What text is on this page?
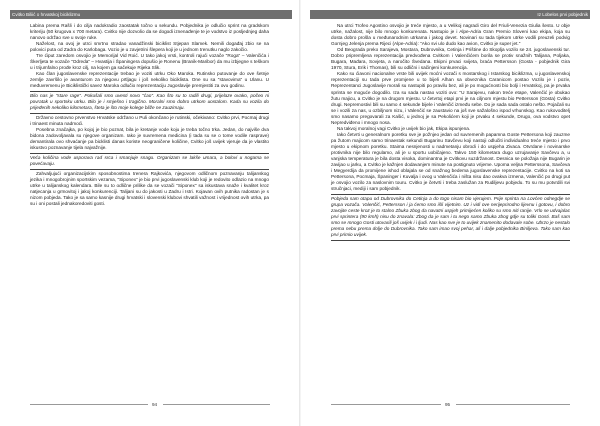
Cvitko Biliić o hrvatskoj biciklizmu

Labina prema Rašli i do cilja nadokradio zaostatak točno u sekundu. Pobjednika je odlučio sprint na gradskom kriteriju (50 krugova x 700 metara). Cvitko nije dozvolio da se dogodi iznenađenje te je vodstvo iz posljednjeg daha nanovo održao sve u svoje ruke.

Naželost, na ovoj je utrci smrtno stradao vanadžinski biciklist Stjepan Slamek. Nemili događaj zbio se na polovici puta od Zadra do Karlobaga. Vozio je u zavjetrini šlepera koji je u jednom trenutku naglo zakočio.

Tre ćiput zaredom osvojio je Memorijal Vid Roić. U tako jakoj vrsti, kontroli rajući vozače "Roga" – Valenčića i Škerljeta te vozače "Odreda" – Hvastija i Španingera dopušio je Ronenu (Branik-Maribor) da mu izbjegne s teškom u i trijumfalno prođe kroz cilj, na kojem ga sačekuje Rijeka Slik.

Kao član jugoslavenske reprezentacije trebao je voziti utrku Oko Maroka. Rutinsko putovanje do ove šetnje zemlje završilo je avanturom za njegovu prtljagu i još nekoliko biciklista. One su sa "stavovima" u Ulanu. U međuvremenu je Biciklistički savez Maroka odlučio reprezentaciju Jugoslavije premjestiti za ovu godinu.

Bilo nas je "stare rage". Pokušali smo uvesti novo "ćao". Kao što su to radili drugi, prijelaze ovako, počeo ni povratak u sportsku utrku. Bilo je i smješno i tragično. Moralni smo dobro utrkom uostalom. Kada su vozila do prijeđenih nekoliko kilometara, šteta je što moje kolege bliže ne zauzimaju.

Državno cestovno prvenstvo Hrvatske održano u Puli okončano je rutinski, očekivano: Cvitko prvi, Pocmaj drugi i trinaest minuta nadmoći.

Posebna značajka, po kojoj je bio poznat, bila je kretanje vode koju je treba točno trka. Jedan, do najviše dva bidona zadovoljavala su njegove organizam. Iako je suvremena medicina (i tada su se o tome vodile rasprave) demantirala ovo shvaćanje pa bicklisti danas koriste neograničene količine, Cvitko još uvijek vjeruje da je vlastito iskustvo poznavanje tijela najvažnije.

Veća količina vode usporava rad srca i smanjuje snagu. Organizam se lakše umara, a bolovi u nogama se povećavaju.

Zahvaljujući organizacijskim sposobnostima trenera Rajkovića, njegovom odličnom poznavanju talijanskog jezika i mnogobrojnim sportskim vezama, "Siponex" je bio prvi jugoslavenski klub koji je redovito odlazio na mnogo utrke u talijanskog kalendara. Bile su to odlične prilike da se vozači "Siponex" sa iskustava snaže i kvalitet kroz natjecanja u grmovitoj i jakoj konkurenciji. Talijani su do jakosti u Zadru i Istri. Kojavan ovih putnika radostan je s nizom pobjeda. Tako je sa samo kasnije drugi hrvatski i slovenski klubovi shvatili važnost i vrijednost ovih utrka, pa su i oni postali jednakoredoviti gosti.

94
Iz Lobelos prvi pobjednik

Na utrci Trofeo Agostino osvojio je treće mjesto, a u Velikoj nagradi Giro del Friuli-Venezia Giulia šesto. U obje utrke, nažalost, nije bilo mnogo konkurenata. Nastupio je i Alpe-Adria Gran Premio Sloveni kao ekipa, koja su dosta dobro prošla u međunarodnim utrkama i jakog devet. Novinari su tada tijekom utrke vodili preuzeli podvig Gornjeg Jelenja prema Rijeci (Alpe-Adria): "Ako svi ulo dudo kao avion, Cvitko je super jet."

Od Beograda preko Sarajeva, Mostara, Dubrovnika, Cetinja i Prištine do Skoplja vozilo se 24. jugoslavenski tur. Dobro pripremljena reprezentacija predvođena Cvitkom i Valenčićem borila se protiv snažnih Talijana, Poljaka, Bugara, Mađara, Sovjeta, a naročito Švedana. Ekipni prvaci svijeta, braća Pettersson (Gosta - pobjednik Gira 1970, Stura, Erik i Thomas), bili su odlični i sačinjeni konkurencija.

Kako su ćiavoni nacionalne vrste bili uvijek moćni vozači s mostarskog i Istarskog biciklizma, u jugoslavenskoj reprezentaciji su tada prve promjene u to bijeli Alhan sa obveznika Caranicom postao Vozilo je i poziv, Reprezentanci Jugoslavije morali su nastupiti po pravilu bez, ali je po mogućnosti bio bolji i Hrvatskoj, pa je prvaka sprinta se moguće dogodilo. Iza su sada nastao voziti ovo: "U Sarajevu, nakon treće etape, Valenčić je obukao žutu majicu, a Cvitko je na drugom mjestu. U četvrtoj etapi prvi je na ciljnom mjestu bio Pettersson (Gösta) Cvitko drugi. Nepremostivi bili su samo 4 sekunde bijele i Valenčić između sebe. Do je sada sada ostalo nešto. Pojačali su se i vozili za nas, u ozbiljnom nizu, i Valenčić se zaustavio na još sve sažalošno ispod vrhunskog. Kao rukovoditelj smo nasamo pregovarali za Kašić, u jednoj je sa Pekolićem koji je prvaku 4 sekunde, Drugo, ova vodstvo opet Nepredviđeno i mnogo nosa.

Na takvoj moralnoj vagi Cvitko je uvijek bio jak, Ekipa ispunjena.

Iako četvrti u generalnom poretku sve je požnjeo jedan od suvremenih papamna Goste Pettersona koji zauzme pa žutom majicom samo trinaestak sekundi Bugarinu Savčevu koji nastoji odlučiti individualno treće mjesto i prvo mjesto u ekipnom poretku. Staima nesnjenosti u nadmetanju obrodi i do uspjeha Zivaca. Otvrdane i novinarske protivnika nije bilo regulamo, ali je u sportu uobičajeno. Takvo 150 kilometara dugo uzrujavanje Savčevu a, u vanjska temperatura je bila dosta visoka, dominantna je Cvitkovu suzdržanost. Desnica se položaja nije Bugarin je zavijao u jarku, a Cvitko je kažnjen dodavanjem minute na postignuto vrijeme. Upoma veljna Petterssona, Savčeva i Megyerdija da promijene ishod oblajala se od snažnog bedema jugoslavenske reprezentacije. Cvitko na koti sa Pettersona, Pocmaja, Španinger i Kuvalja i ovog u Valenčića i ništa nisu dao ovakva izmena, Valenčić po drugi put je osvojio vozilo za naslovnim touru. Cvitko je četvrti i treba zaslužan za Rudiljevu pobjedu. To su mu potvrdili svi stručnjaci, mediji i sam pobjednik.

Pobjeda sam otapu od Dubrovnika do Cetinja a do togo nisam bio vjerujem. Prije sprinta na Lovćen odnegdje se grupa vozača. Valenčić, Pettersson i ja ćemo smo išli vijetnim. Uz i vidi ove nerijeprirodno lijevnu i gotovu, i dobro zavojite ceste kroz je to stalno Zbuka zbog da navatni uspjeh primijećen koliko su smo niti ranije. Vrlo se udvajalac prvi sprintera (90 kmh) nisu do znavala: Zbog da je sam i tu nego samo Zbuka zbog gdje su toliki Gosti. Baš sam smo se mnogo Gosti utovarili još uvijek i i ljudi. Nas kao sve je to uvijek znamenito dodavale sobe. Ubrzo je nestalo prema nebu prema dolje do Dubrovnika. Tako sam imao svoj pehar, ali i dalje pobjednika Biniljeva. Tako sam kao prvi primio uvijek.

95
